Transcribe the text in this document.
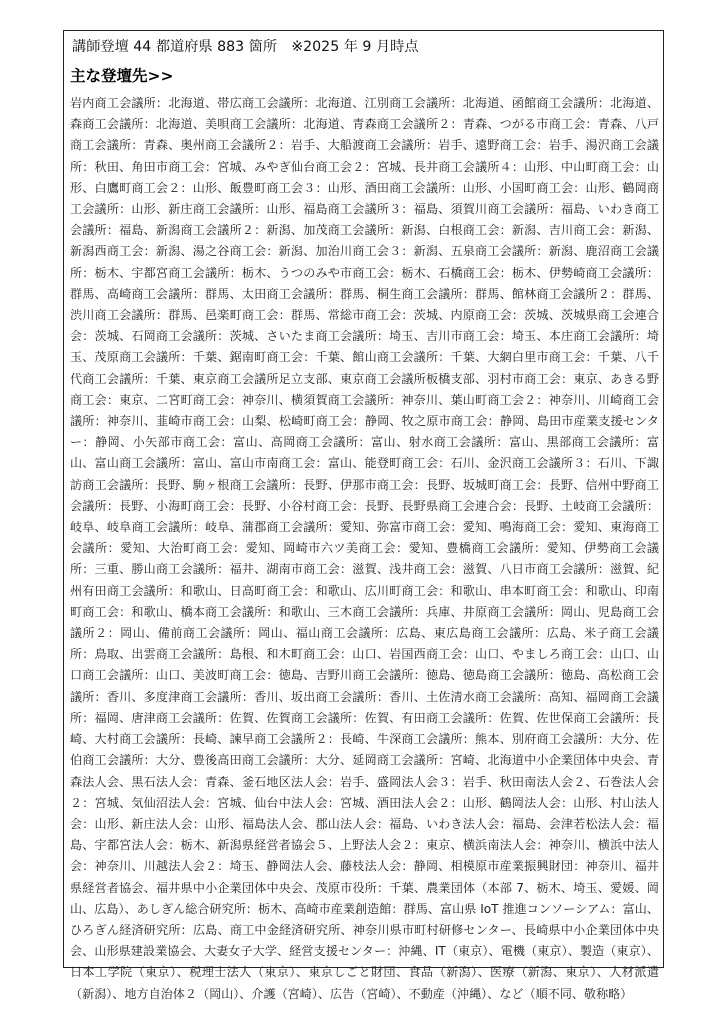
講師登壇 44 都道府県 883 箇所　※2025 年 9 月時点
主な登壇先>>
岩内商工会議所：北海道、帯広商工会議所：北海道、江別商工会議所：北海道、函館商工会議所：北海道、森商工会議所：北海道、美唄商工会議所：北海道、青森商工会議所２：青森、つがる市商工会：青森、八戸商工会議所：青森、奥州商工会議所２：岩手、大船渡商工会議所：岩手、遠野商工会：岩手、湯沢商工会議所：秋田、角田市商工会：宮城、みやぎ仙台商工会２：宮城、長井商工会議所４：山形、中山町商工会：山形、白鷹町商工会２：山形、飯豊町商工会３：山形、酒田商工会議所：山形、小国町商工会：山形、鶴岡商工会議所：山形、新庄商工会議所：山形、福島商工会議所３：福島、須賀川商工会議所：福島、いわき商工会議所：福島、新潟商工会議所２：新潟、加茂商工会議所：新潟、白根商工会：新潟、吉川商工会：新潟、新潟西商工会：新潟、湯之谷商工会：新潟、加治川商工会３：新潟、五泉商工会議所：新潟、鹿沼商工会議所：栃木、宇都宮商工会議所：栃木、うつのみや市商工会：栃木、石橋商工会：栃木、伊勢崎商工会議所：群馬、高崎商工会議所：群馬、太田商工会議所：群馬、桐生商工会議所：群馬、館林商工会議所２：群馬、渋川商工会議所：群馬、邑楽町商工会：群馬、常総市商工会：茨城、内原商工会：茨城、茨城県商工会連合会：茨城、石岡商工会議所：茨城、さいたま商工会議所：埼玉、吉川市商工会：埼玉、本庄商工会議所：埼玉、茂原商工会議所：千葉、鋸南町商工会：千葉、館山商工会議所：千葉、大網白里市商工会：千葉、八千代商工会議所：千葉、東京商工会議所足立支部、東京商工会議所板橋支部、羽村市商工会：東京、あきる野商工会：東京、二宮町商工会：神奈川、横須賀商工会議所：神奈川、葉山町商工会２：神奈川、川崎商工会議所：神奈川、韮崎市商工会：山梨、松崎町商工会：静岡、牧之原市商工会：静岡、島田市産業支援センター：静岡、小矢部市商工会：富山、高岡商工会議所：富山、射水商工会議所：富山、黒部商工会議所：富山、富山商工会議所：富山、富山市南商工会：富山、能登町商工会：石川、金沢商工会議所３：石川、下諏訪商工会議所：長野、駒ヶ根商工会議所：長野、伊那市商工会：長野、坂城町商工会：長野、信州中野商工会議所：長野、小海町商工会：長野、小谷村商工会：長野、長野県商工会連合会：長野、土岐商工会議所：岐阜、岐阜商工会議所：岐阜、蒲郡商工会議所：愛知、弥富市商工会：愛知、鳴海商工会：愛知、東海商工会議所：愛知、大治町商工会：愛知、岡崎市六ツ美商工会：愛知、豊橋商工会議所：愛知、伊勢商工会議所：三重、勝山商工会議所：福井、湖南市商工会：滋賀、浅井商工会：滋賀、八日市商工会議所：滋賀、紀州有田商工会議所：和歌山、日高町商工会：和歌山、広川町商工会：和歌山、串本町商工会：和歌山、印南町商工会：和歌山、橋本商工会議所：和歌山、三木商工会議所：兵庫、井原商工会議所：岡山、児島商工会議所２：岡山、備前商工会議所：岡山、福山商工会議所：広島、東広島商工会議所：広島、米子商工会議所：鳥取、出雲商工会議所：島根、和木町商工会：山口、岩国西商工会：山口、やましろ商工会：山口、山口商工会議所：山口、美波町商工会：徳島、吉野川商工会議所：徳島、徳島商工会議所：徳島、高松商工会議所：香川、多度津商工会議所：香川、坂出商工会議所：香川、土佐清水商工会議所：高知、福岡商工会議所：福岡、唐津商工会議所：佐賀、佐賀商工会議所：佐賀、有田商工会議所：佐賀、佐世保商工会議所：長崎、大村商工会議所：長崎、諫早商工会議所２：長崎、牛深商工会議所：熊本、別府商工会議所：大分、佐伯商工会議所：大分、豊後高田商工会議所：大分、延岡商工会議所：宮崎、北海道中小企業団体中央会、青森法人会、黒石法人会：青森、釜石地区法人会：岩手、盛岡法人会３：岩手、秋田南法人会２、石巻法人会２：宮城、気仙沼法人会：宮城、仙台中法人会：宮城、酒田法人会２：山形、鶴岡法人会：山形、村山法人会：山形、新庄法人会：山形、福島法人会、郡山法人会：福島、いわき法人会：福島、会津若松法人会：福島、宇都宮法人会：栃木、新潟県経営者協会５、上野法人会２：東京、横浜南法人会：神奈川、横浜中法人会：神奈川、川越法人会２：埼玉、静岡法人会、藤枝法人会：静岡、相模原市産業振興財団：神奈川、福井県経営者協会、福井県中小企業団体中央会、茂原市役所：千葉、農業団体（本部 7、栃木、埼玉、愛媛、岡山、広島）、あしぎん総合研究所：栃木、高崎市産業創造館：群馬、富山県 IoT 推進コンソーシアム：富山、ひろぎん経済研究所：広島、商工中金経済研究所、神奈川県市町村研修センター、長崎県中小企業団体中央会、山形県建設業協会、大妻女子大学、経営支援センター：沖縄、IT（東京）、電機（東京）、製造（東京）、日本工学院（東京）、税理士法人（東京）、東京しごと財団、食品（新潟）、医療（新潟、東京）、人材派遣（新潟）、地方自治体２（岡山）、介護（宮崎）、広告（宮崎）、不動産（沖縄）、など（順不同、敬称略）
